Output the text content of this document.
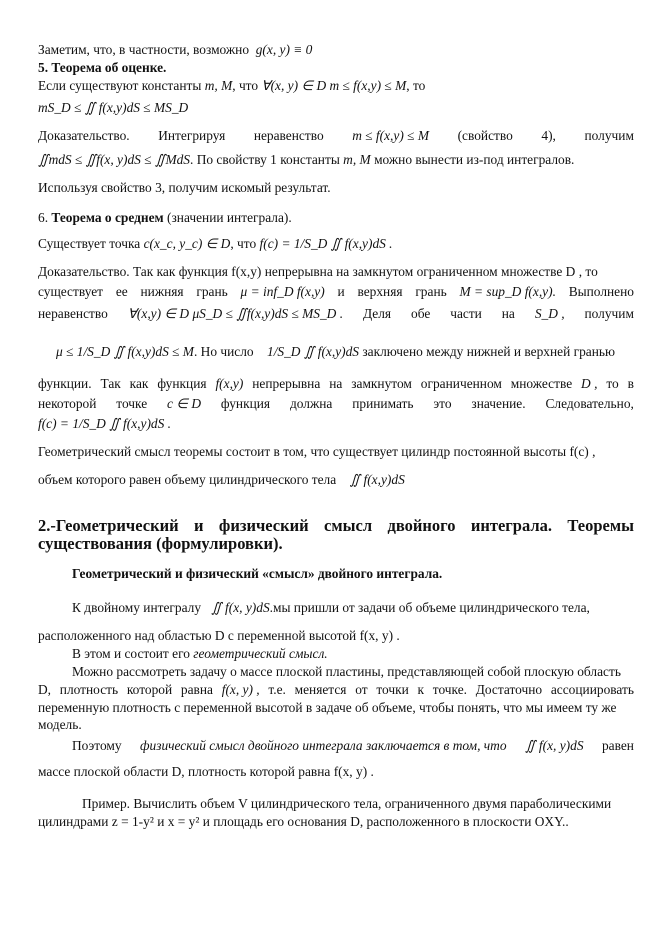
Заметим, что, в частности, возможно g(x, y) ≡ 0
5. Теорема об оценке.
Если существуют константы m, M, что ∀(x, y) ∈ D m ≤ f(x,y) ≤ M, то
mS_D ≤ ∬ f(x,y)dS ≤ MS_D
Доказательство. Интегрируя неравенство m ≤ f(x,y) ≤ M (свойство 4), получим
∬mdS ≤ ∬f(x, y)dS ≤ ∬MdS. По свойству 1 константы m, M можно вынести из-под интегралов.
Используя свойство 3, получим искомый результат.
6. Теорема о среднем (значении интеграла).
Существует точка c(x_c, y_c) ∈ D, что f(c) = 1/S_D ∬ f(x,y)dS .
Доказательство. Так как функция f(x,y) непрерывна на замкнутом ограниченном множестве D , то
существует ее нижняя грань μ = inf_D f(x,y) и верхняя грань M = sup_D f(x,y). Выполнено
неравенство ∀(x,y) ∈ D μS_D ≤ ∬f(x,y)dS ≤ MS_D . Деля обе части на S_D , получим
μ ≤ 1/S_D ∬ f(x,y)dS ≤ M. Но число 1/S_D ∬ f(x,y)dS заключено между нижней и верхней гранью
функции. Так как функция f(x,y) непрерывна на замкнутом ограниченном множестве D , то в
некоторой точке c ∈ D функция должна принимать это значение. Следовательно,
f(c) = 1/S_D ∬ f(x,y)dS .
Геометрический смысл теоремы состоит в том, что существует цилиндр постоянной высоты f(c) ,
объем которого равен объему цилиндрического тела ∬ f(x,y)dS
2.-Геометрический и физический смысл двойного интеграла. Теоремы
существования (формулировки).
Геометрический и физический «смысл» двойного интеграла.
К двойному интегралу ∬ f(x, y)dS.мы пришли от задачи об объеме цилиндрического тела,
расположенного над областью D с переменной высотой f(x, y) .
В этом и состоит его геометрический смысл.
Можно рассмотреть задачу о массе плоской пластины, представляющей собой плоскую область
D, плотность которой равна f(x, y) , т.е. меняется от точки к точке. Достаточно ассоциировать
переменную плотность с переменной высотой в задаче об объеме, чтобы понять, что мы имеем ту же
модель.
Поэтому физический смысл двойного интеграла заключается в том, что ∬ f(x, y)dS равен
массе плоской области D, плотность которой равна f(x, y) .
Пример. Вычислить объем V цилиндрического тела, ограниченного двумя параболическими
цилиндрами z = 1-y² и x = y² и площадь его основания D, расположенного в плоскости OXY..
